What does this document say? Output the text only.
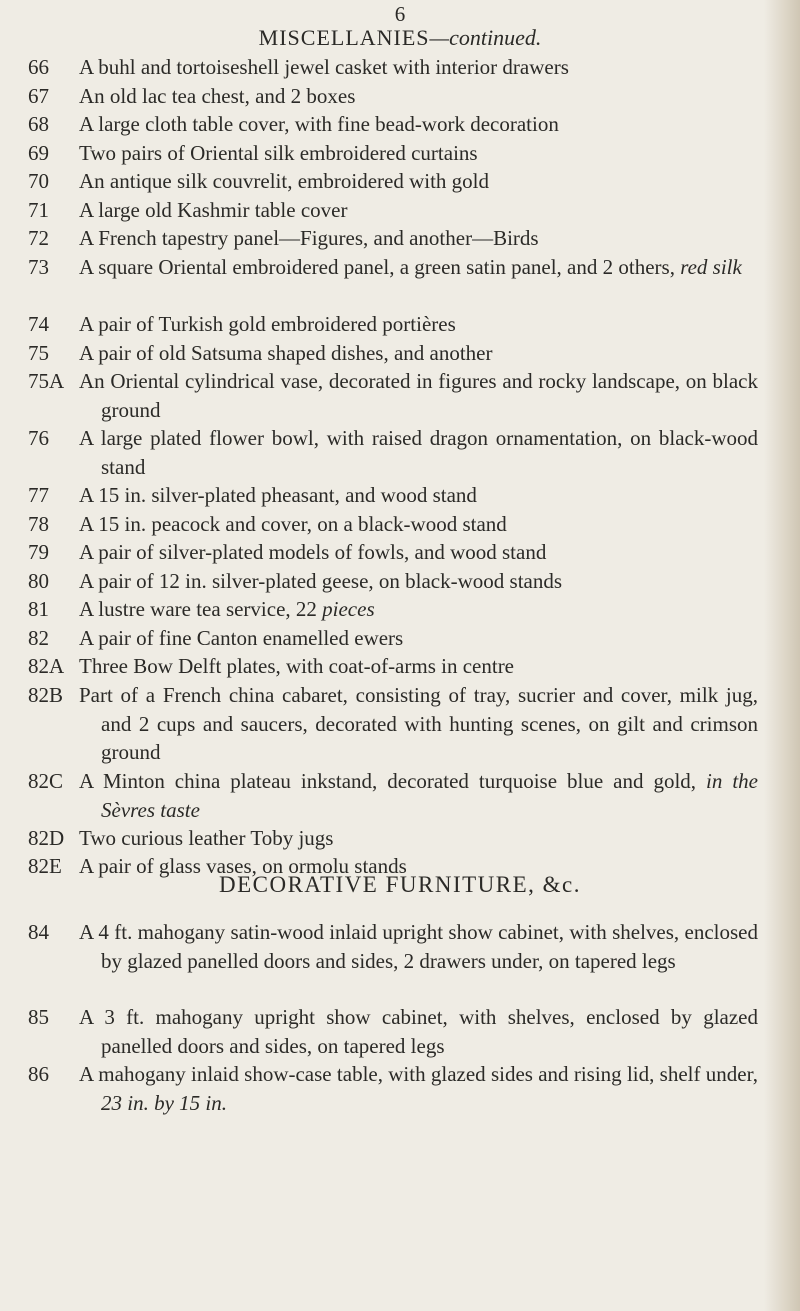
6
MISCELLANIES—continued.
66	A buhl and tortoiseshell jewel casket with interior drawers
67	An old lac tea chest, and 2 boxes
68	A large cloth table cover, with fine bead-work decoration
69	Two pairs of Oriental silk embroidered curtains
70	An antique silk couvrelit, embroidered with gold
71	A large old Kashmir table cover
72	A French tapestry panel—Figures, and another—Birds
73	A square Oriental embroidered panel, a green satin panel, and 2 others, red silk
74	A pair of Turkish gold embroidered portières
75	A pair of old Satsuma shaped dishes, and another
75A An Oriental cylindrical vase, decorated in figures and rocky landscape, on black ground
76	A large plated flower bowl, with raised dragon ornamentation, on black-wood stand
77	A 15 in. silver-plated pheasant, and wood stand
78	A 15 in. peacock and cover, on a black-wood stand
79	A pair of silver-plated models of fowls, and wood stand
80	A pair of 12 in. silver-plated geese, on black-wood stands
81	A lustre ware tea service, 22 pieces
82	A pair of fine Canton enamelled ewers
82A Three Bow Delft plates, with coat-of-arms in centre
82B Part of a French china cabaret, consisting of tray, sucrier and cover, milk jug, and 2 cups and saucers, decorated with hunting scenes, on gilt and crimson ground
82C A Minton china plateau inkstand, decorated turquoise blue and gold, in the Sèvres taste
82D Two curious leather Toby jugs
82E A pair of glass vases, on ormolu stands
DECORATIVE FURNITURE, &c.
84	A 4 ft. mahogany satin-wood inlaid upright show cabinet, with shelves, enclosed by glazed panelled doors and sides, 2 drawers under, on tapered legs
85	A 3 ft. mahogany upright show cabinet, with shelves, enclosed by glazed panelled doors and sides, on tapered legs
86	A mahogany inlaid show-case table, with glazed sides and rising lid, shelf under, 23 in. by 15 in.
